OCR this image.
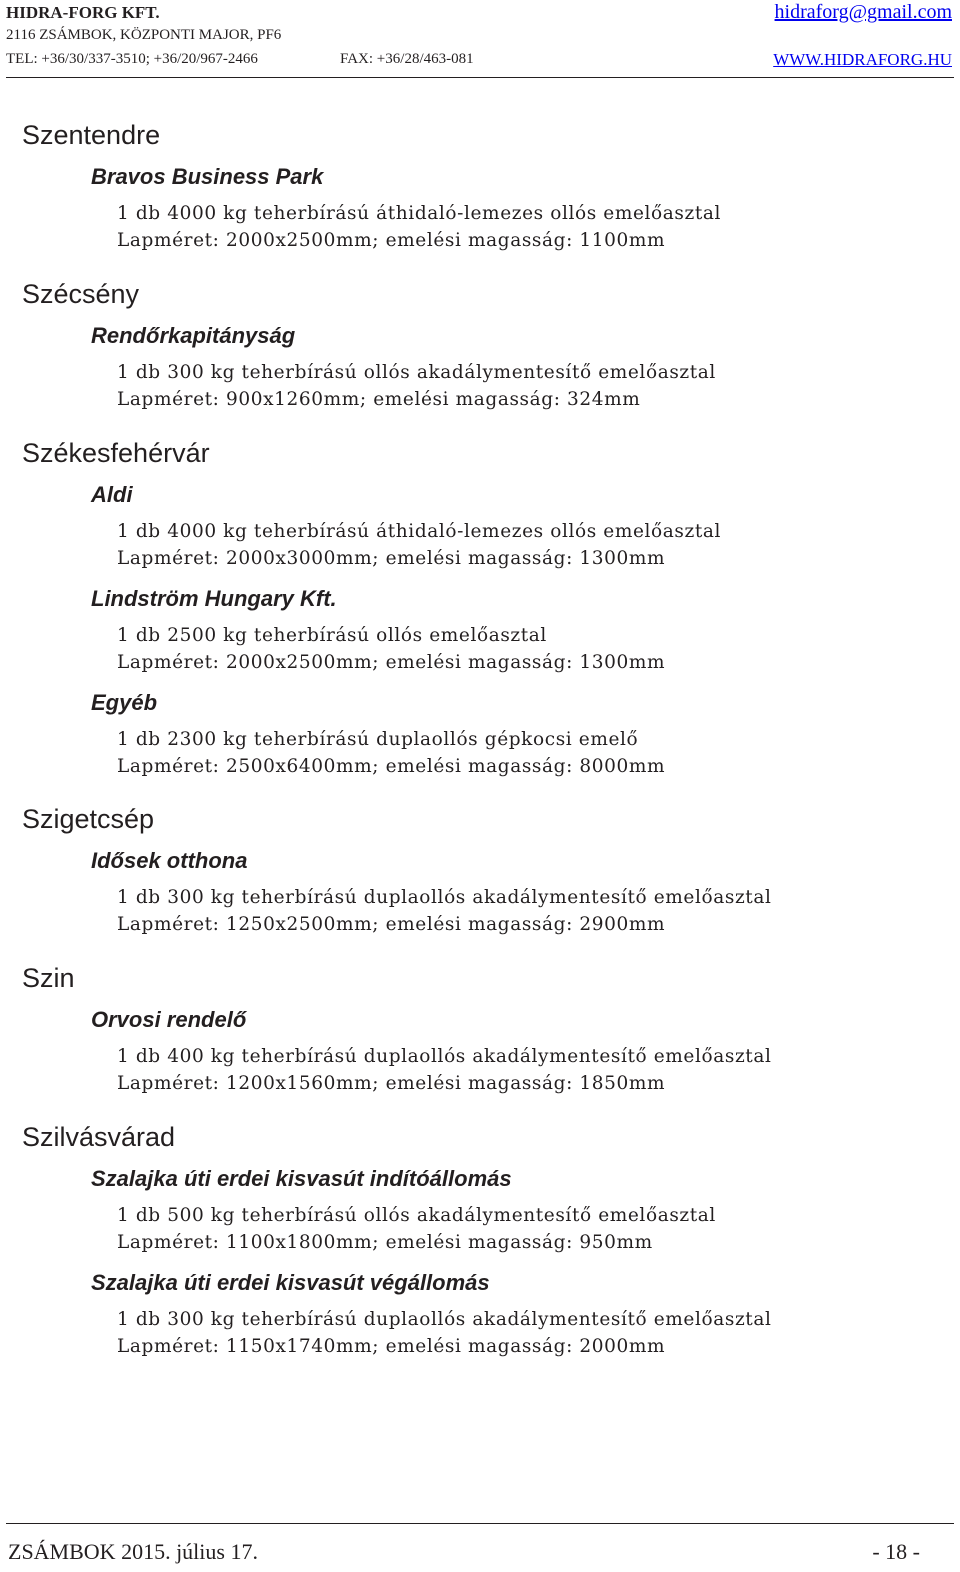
HIDRA-FORG KFT.
2116 ZSÁMBOK, KÖZPONTI MAJOR, PF6
TEL: +36/30/337-3510; +36/20/967-2466	FAX: +36/28/463-081
hidraforg@gmail.com
WWW.HIDRAFORG.HU
Szentendre
Bravos Business Park
1 db 4000 kg teherbírású áthidaló-lemezes ollós emelőasztal
Lapméret: 2000x2500mm; emelési magasság: 1100mm
Szécsény
Rendőrkapitányság
1 db 300 kg teherbírású ollós akadálymentesítő emelőasztal
Lapméret: 900x1260mm; emelési magasság: 324mm
Székesfehérvár
Aldi
1 db 4000 kg teherbírású áthidaló-lemezes ollós emelőasztal
Lapméret: 2000x3000mm; emelési magasság: 1300mm
Lindström Hungary Kft.
1 db 2500 kg teherbírású ollós emelőasztal
Lapméret: 2000x2500mm; emelési magasság: 1300mm
Egyéb
1 db 2300 kg teherbírású duplaollós gépkocsi emelő
Lapméret: 2500x6400mm; emelési magasság: 8000mm
Szigetcsép
Idősek otthona
1 db 300 kg teherbírású duplaollós akadálymentesítő emelőasztal
Lapméret: 1250x2500mm; emelési magasság: 2900mm
Szin
Orvosi rendelő
1 db 400 kg teherbírású duplaollós akadálymentesítő emelőasztal
Lapméret: 1200x1560mm; emelési magasság: 1850mm
Szilvásvárad
Szalajka úti erdei kisvasút indítóállomás
1 db 500 kg teherbírású ollós akadálymentesítő emelőasztal
Lapméret: 1100x1800mm; emelési magasság: 950mm
Szalajka úti erdei kisvasút végállomás
1 db 300 kg teherbírású duplaollós akadálymentesítő emelőasztal
Lapméret: 1150x1740mm; emelési magasság: 2000mm
ZSÁMBOK 2015. július 17.	- 18 -
